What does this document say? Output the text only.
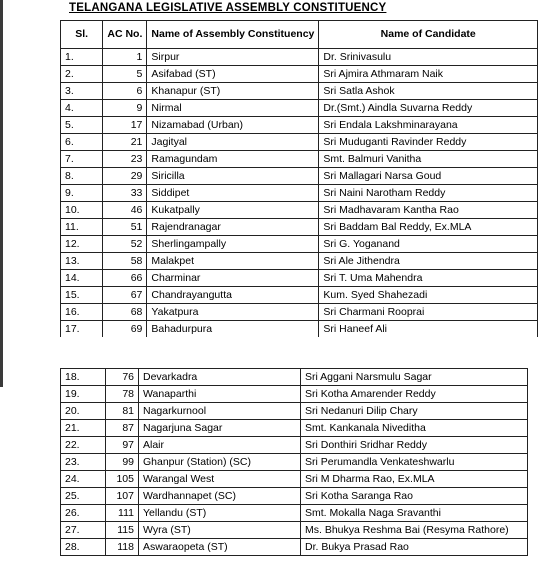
TELANGANA LEGISLATIVE ASSEMBLY CONSTITUENCY
Sl.	AC No.	Name of Assembly Constituency	Name of Candidate
1.	1	Sirpur	Dr. Srinivasulu
2.	5	Asifabad (ST)	Sri Ajmira Athmaram Naik
3.	6	Khanapur (ST)	Sri Satla Ashok
4.	9	Nirmal	Dr.(Smt.) Aindla Suvarna Reddy
5.	17	Nizamabad (Urban)	Sri Endala Lakshminarayana
6.	21	Jagityal	Sri Muduganti Ravinder Reddy
7.	23	Ramagundam	Smt. Balmuri Vanitha
8.	29	Siricilla	Sri Mallagari Narsa Goud
9.	33	Siddipet	Sri Naini Narotham Reddy
10.	46	Kukatpally	Sri Madhavaram Kantha Rao
11.	51	Rajendranagar	Sri Baddam Bal Reddy, Ex.MLA
12.	52	Sherlingampally	Sri G. Yoganand
13.	58	Malakpet	Sri Ale Jithendra
14.	66	Charminar	Sri T. Uma Mahendra
15.	67	Chandrayangutta	Kum. Syed Shahezadi
16.	68	Yakatpura	Sri Charmani Rooprai
17.	69	Bahadurpura	Sri Haneef Ali
18.	76	Devarkadra	Sri Aggani Narsmulu Sagar
19.	78	Wanaparthi	Sri Kotha Amarender Reddy
20.	81	Nagarkurnool	Sri Nedanuri Dilip Chary
21.	87	Nagarjuna Sagar	Smt. Kankanala Niveditha
22.	97	Alair	Sri Donthiri Sridhar Reddy
23.	99	Ghanpur (Station) (SC)	Sri Perumandla Venkateshwarlu
24.	105	Warangal West	Sri M Dharma Rao, Ex.MLA
25.	107	Wardhannapet (SC)	Sri Kotha Saranga Rao
26.	111	Yellandu (ST)	Smt. Mokalla Naga Sravanthi
27.	115	Wyra (ST)	Ms. Bhukya Reshma Bai (Resyma Rathore)
28.	118	Aswaraopeta (ST)	Dr. Bukya Prasad Rao
